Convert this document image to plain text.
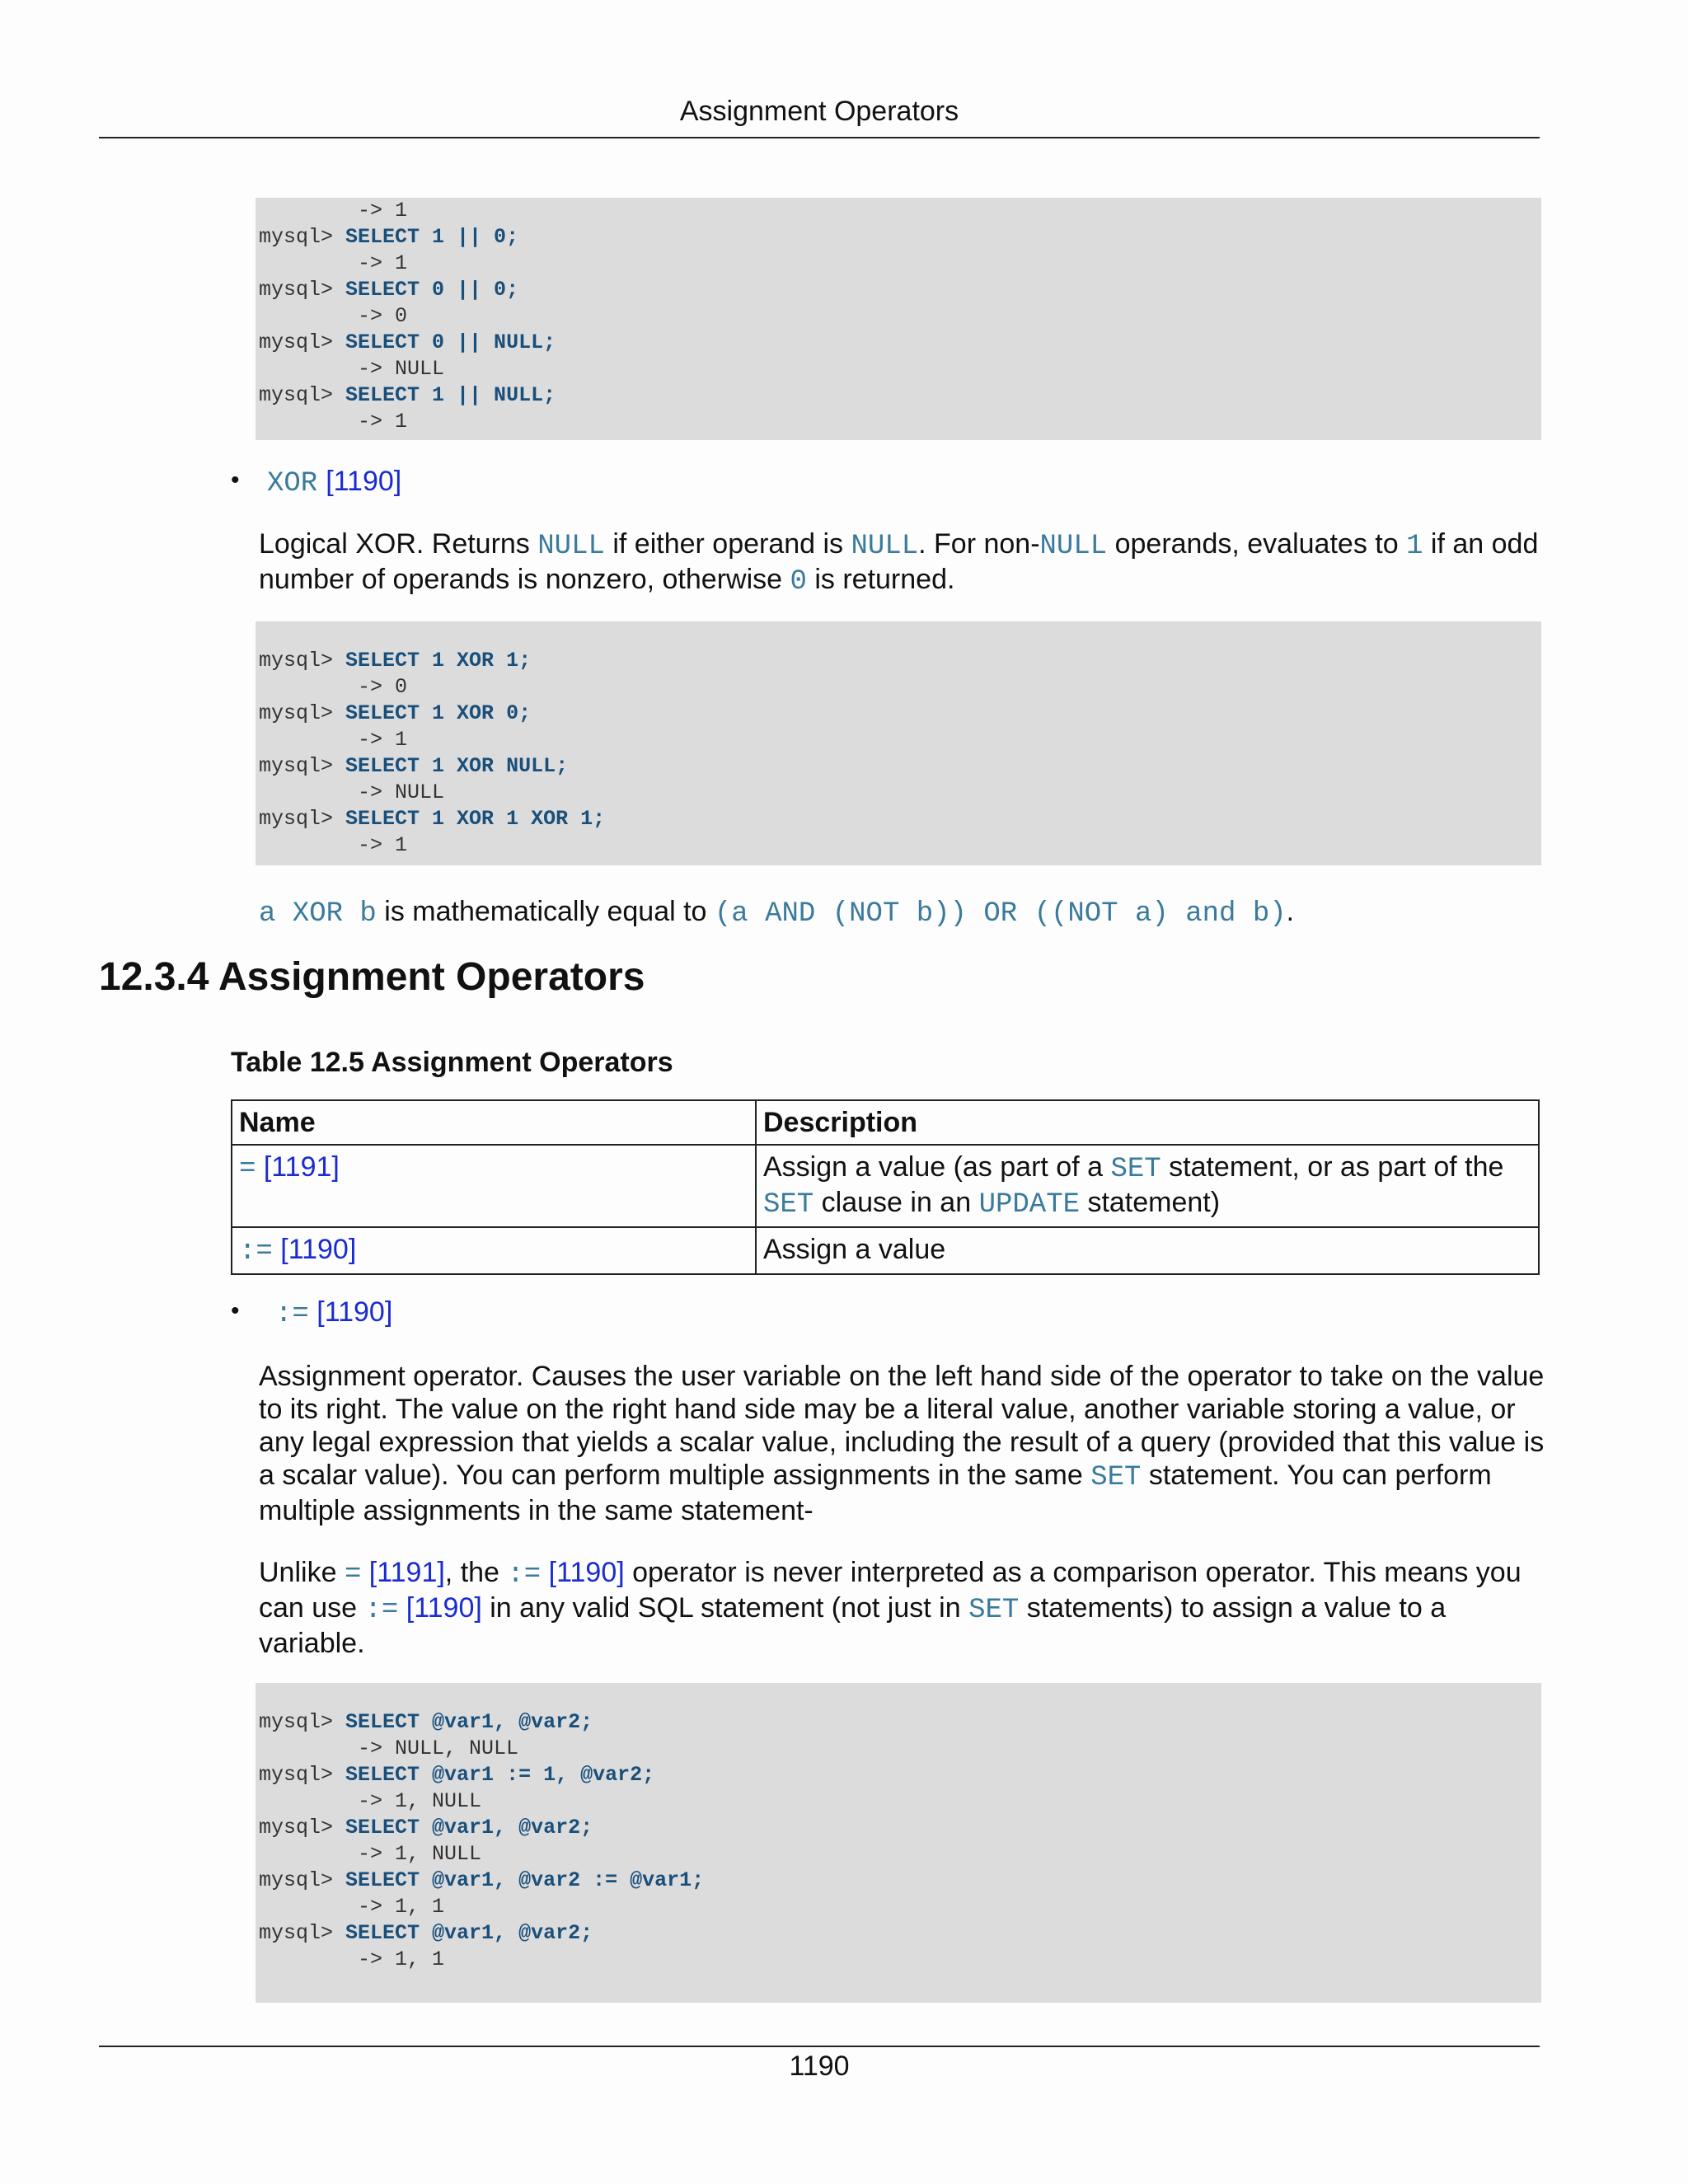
Assignment Operators
-> 1
mysql> SELECT 1 || 0;
-> 1
mysql> SELECT 0 || 0;
-> 0
mysql> SELECT 0 || NULL;
-> NULL
mysql> SELECT 1 || NULL;
-> 1
• XOR [1190]
Logical XOR. Returns NULL if either operand is NULL. For non-NULL operands, evaluates to 1 if an odd number of operands is nonzero, otherwise 0 is returned.
mysql> SELECT 1 XOR 1;
-> 0
mysql> SELECT 1 XOR 0;
-> 1
mysql> SELECT 1 XOR NULL;
-> NULL
mysql> SELECT 1 XOR 1 XOR 1;
-> 1
a XOR b is mathematically equal to (a AND (NOT b)) OR ((NOT a) and b).
12.3.4 Assignment Operators
Table 12.5 Assignment Operators
Name	Description
= [1191]	Assign a value (as part of a SET statement, or as part of the SET clause in an UPDATE statement)
:= [1190]	Assign a value
• := [1190]
Assignment operator. Causes the user variable on the left hand side of the operator to take on the value to its right. The value on the right hand side may be a literal value, another variable storing a value, or any legal expression that yields a scalar value, including the result of a query (provided that this value is a scalar value). You can perform multiple assignments in the same SET statement. You can perform multiple assignments in the same statement-
Unlike = [1191], the := [1190] operator is never interpreted as a comparison operator. This means you can use := [1190] in any valid SQL statement (not just in SET statements) to assign a value to a variable.
mysql> SELECT @var1, @var2;
-> NULL, NULL
mysql> SELECT @var1 := 1, @var2;
-> 1, NULL
mysql> SELECT @var1, @var2;
-> 1, NULL
mysql> SELECT @var1, @var2 := @var1;
-> 1, 1
mysql> SELECT @var1, @var2;
-> 1, 1
1190
